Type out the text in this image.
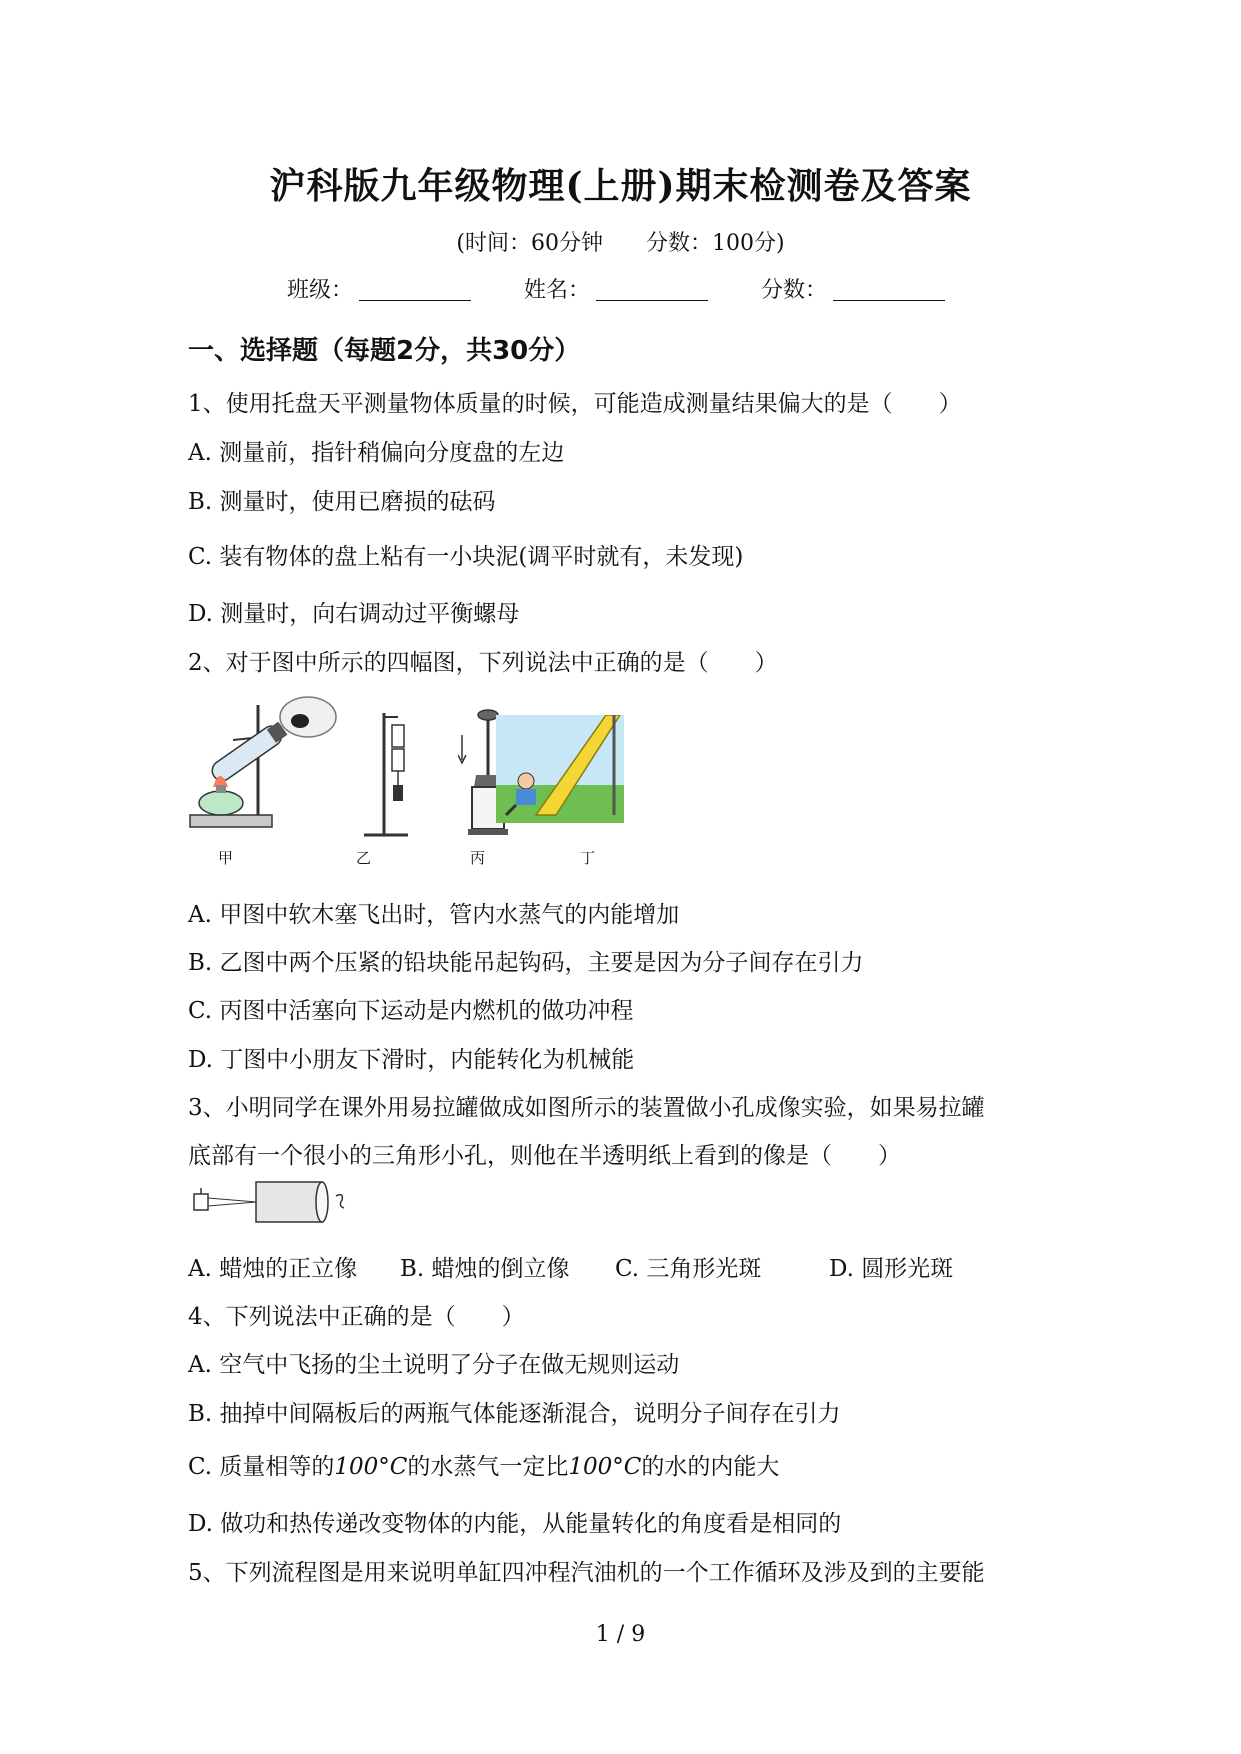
沪科版九年级物理(上册)期末检测卷及答案
(时间：60分钟 分数：100分)
班级：	姓名：	分数：
一、选择题（每题2分，共30分）
1、使用托盘天平测量物体质量的时候，可能造成测量结果偏大的是（　　）
A. 测量前，指针稍偏向分度盘的左边
B. 测量时，使用已磨损的砝码
C. 装有物体的盘上粘有一小块泥(调平时就有，未发现)
D. 测量时，向右调动过平衡螺母
2、对于图中所示的四幅图，下列说法中正确的是（　　）
甲	乙	丙	丁
A. 甲图中软木塞飞出时，管内水蒸气的内能增加
B. 乙图中两个压紧的铅块能吊起钩码，主要是因为分子间存在引力
C. 丙图中活塞向下运动是内燃机的做功冲程
D. 丁图中小朋友下滑时，内能转化为机械能
3、小明同学在课外用易拉罐做成如图所示的装置做小孔成像实验，如果易拉罐
底部有一个很小的三角形小孔，则他在半透明纸上看到的像是（　　）
A. 蜡烛的正立像 B. 蜡烛的倒立像 C. 三角形光斑	D. 圆形光斑
4、下列说法中正确的是（　　）
A. 空气中飞扬的尘土说明了分子在做无规则运动
B. 抽掉中间隔板后的两瓶气体能逐渐混合，说明分子间存在引力
C. 质量相等的100°C的水蒸气一定比100°C的水的内能大
D. 做功和热传递改变物体的内能，从能量转化的角度看是相同的
5、下列流程图是用来说明单缸四冲程汽油机的一个工作循环及涉及到的主要能
1 / 9
